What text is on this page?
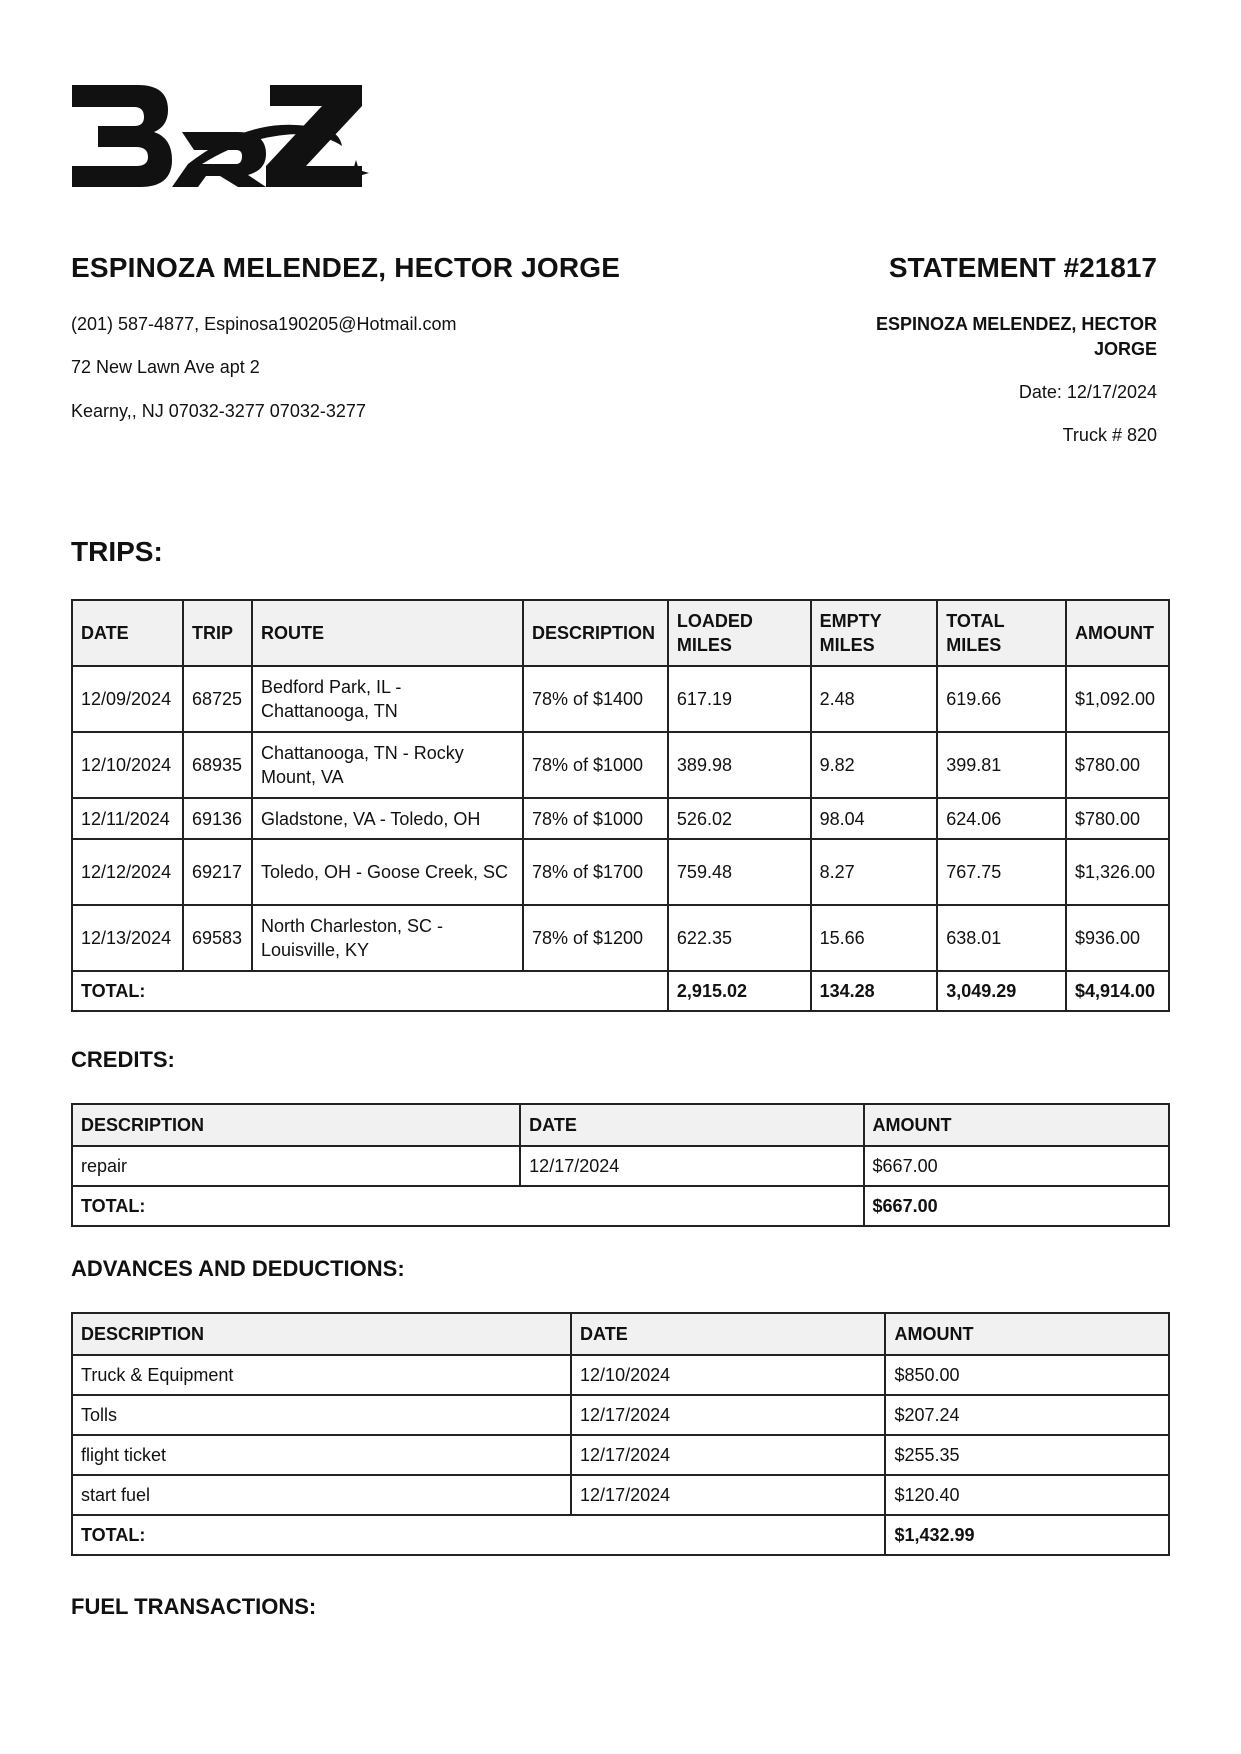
ESPINOZA MELENDEZ, HECTOR JORGE	STATEMENT #21817
(201) 587-4877, Espinosa190205@Hotmail.com
72 New Lawn Ave apt 2
Kearny,, NJ 07032-3277 07032-3277
ESPINOZA MELENDEZ, HECTOR JORGE
Date: 12/17/2024
Truck # 820
TRIPS:
DATE	TRIP	ROUTE	DESCRIPTION	LOADED MILES	EMPTY MILES	TOTAL MILES	AMOUNT
12/09/2024	68725	Bedford Park, IL - Chattanooga, TN	78% of $1400	617.19	2.48	619.66	$1,092.00
12/10/2024	68935	Chattanooga, TN - Rocky Mount, VA	78% of $1000	389.98	9.82	399.81	$780.00
12/11/2024	69136	Gladstone, VA - Toledo, OH	78% of $1000	526.02	98.04	624.06	$780.00
12/12/2024	69217	Toledo, OH - Goose Creek, SC	78% of $1700	759.48	8.27	767.75	$1,326.00
12/13/2024	69583	North Charleston, SC - Louisville, KY	78% of $1200	622.35	15.66	638.01	$936.00
TOTAL:				2,915.02	134.28	3,049.29	$4,914.00
CREDITS:
DESCRIPTION	DATE	AMOUNT
repair	12/17/2024	$667.00
TOTAL:		$667.00
ADVANCES AND DEDUCTIONS:
DESCRIPTION	DATE	AMOUNT
Truck & Equipment	12/10/2024	$850.00
Tolls	12/17/2024	$207.24
flight ticket	12/17/2024	$255.35
start fuel	12/17/2024	$120.40
TOTAL:		$1,432.99
FUEL TRANSACTIONS:
